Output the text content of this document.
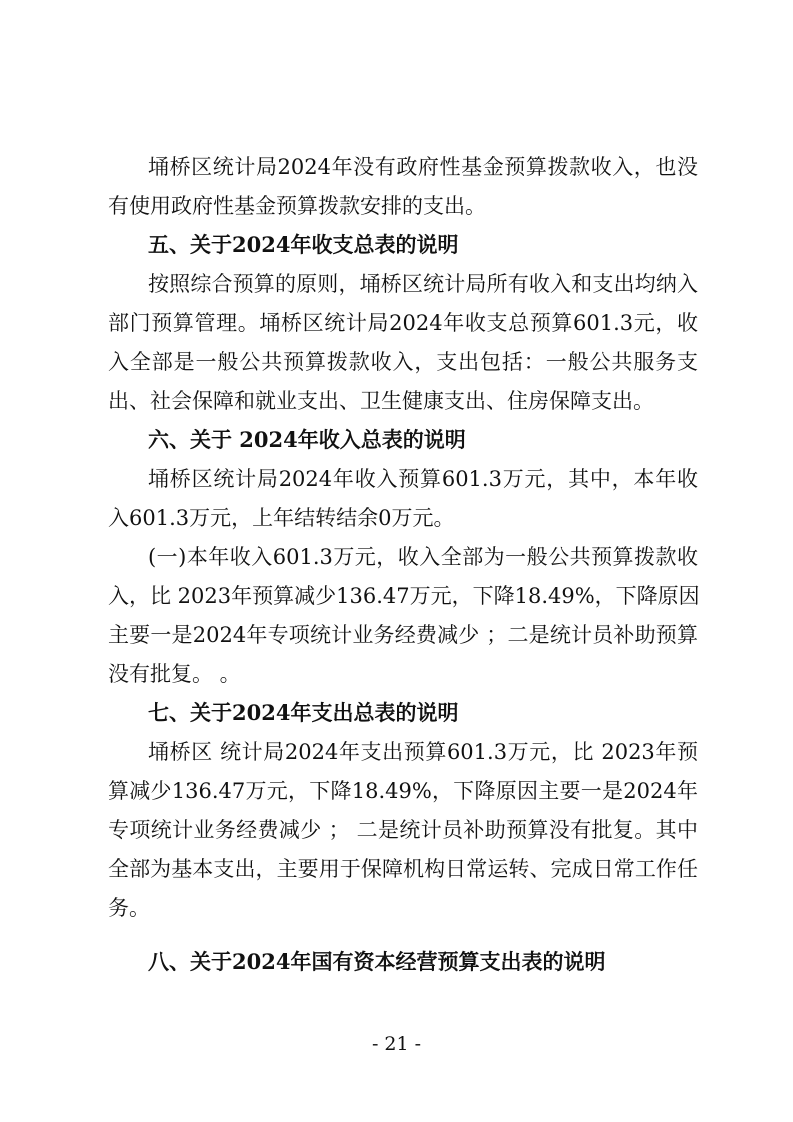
埇桥区统计局2024年没有政府性基金预算拨款收入，也没
有使用政府性基金预算拨款安排的支出。
五、关于2024年收支总表的说明
按照综合预算的原则，埇桥区统计局所有收入和支出均纳入
部门预算管理。埇桥区统计局2024年收支总预算601.3元，收
入全部是一般公共预算拨款收入，支出包括：一般公共服务支
出、社会保障和就业支出、卫生健康支出、住房保障支出。
六、关于 2024年收入总表的说明
埇桥区统计局2024年收入预算601.3万元，其中，本年收
入601.3万元，上年结转结余0万元。
(一)本年收入601.3万元，收入全部为一般公共预算拨款收
入，比 2023年预算减少136.47万元，下降18.49%，下降原因
主要一是2024年专项统计业务经费减少 ；二是统计员补助预算
没有批复。 。
七、关于2024年支出总表的说明
埇桥区 统计局2024年支出预算601.3万元，比 2023年预
算减少136.47万元，下降18.49%，下降原因主要一是2024年
专项统计业务经费减少 ； 二是统计员补助预算没有批复。其中
全部为基本支出，主要用于保障机构日常运转、完成日常工作任
务。
八、关于2024年国有资本经营预算支出表的说明
- 21 -
